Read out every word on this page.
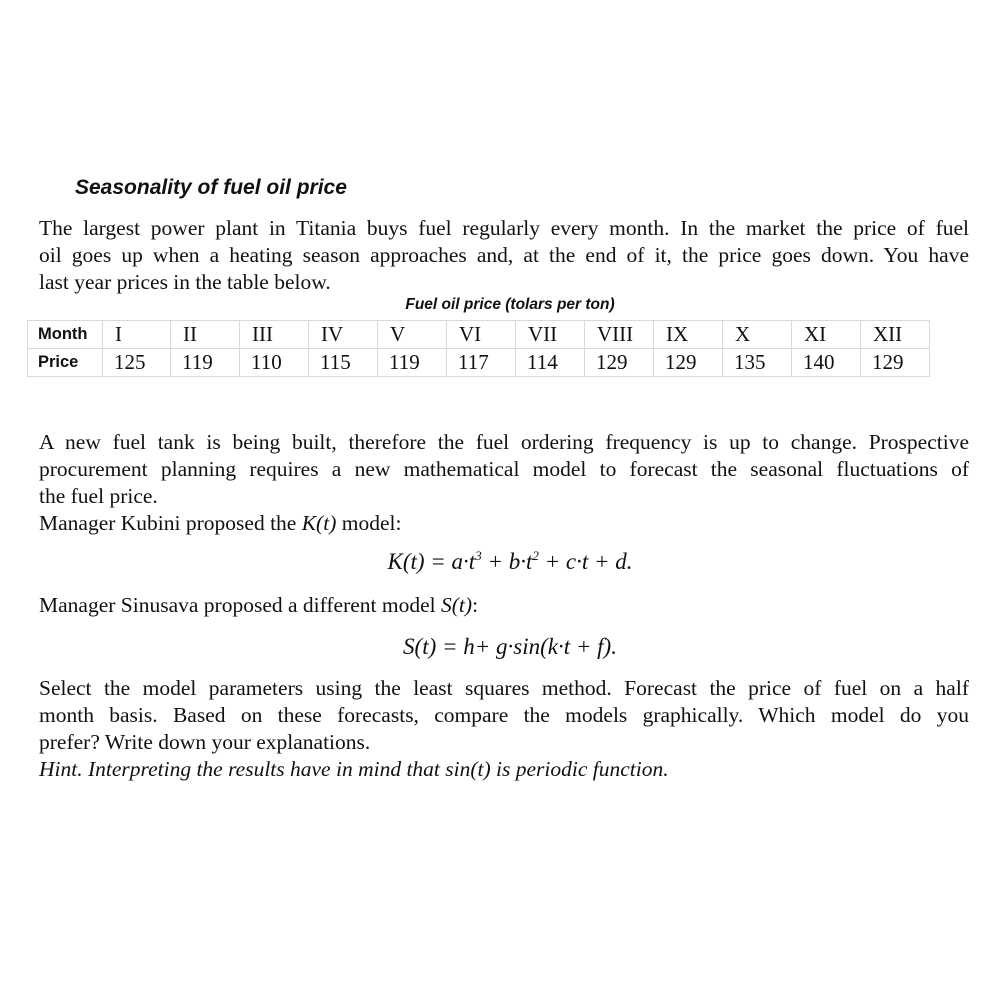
Seasonality of fuel oil price

The largest power plant in Titania buys fuel regularly every month. In the market the price of fuel
oil goes up when a heating season approaches and, at the end of it, the price goes down. You have
last year prices in the table below.

Fuel oil price (tolars per ton)

Month	I	II	III	IV	V	VI	VII	VIII	IX	X	XI	XII
Price	125	119	110	115	119	117	114	129	129	135	140	129

A new fuel tank is being built, therefore the fuel ordering frequency is up to change. Prospective
procurement planning requires a new mathematical model to forecast the seasonal fluctuations of
the fuel price.
Manager Kubini proposed the K(t) model:

$K(t) = a\cdot t^3 + b\cdot t^2 + c\cdot t + d$.

Manager Sinusava proposed a different model S(t):

S(t) = h+ g·sin(k·t + f).

Select the model parameters using the least squares method. Forecast the price of fuel on a half
month basis. Based on these forecasts, compare the models graphically. Which model do you
prefer? Write down your explanations.
Hint. Interpreting the results have in mind that sin(t) is periodic function.
